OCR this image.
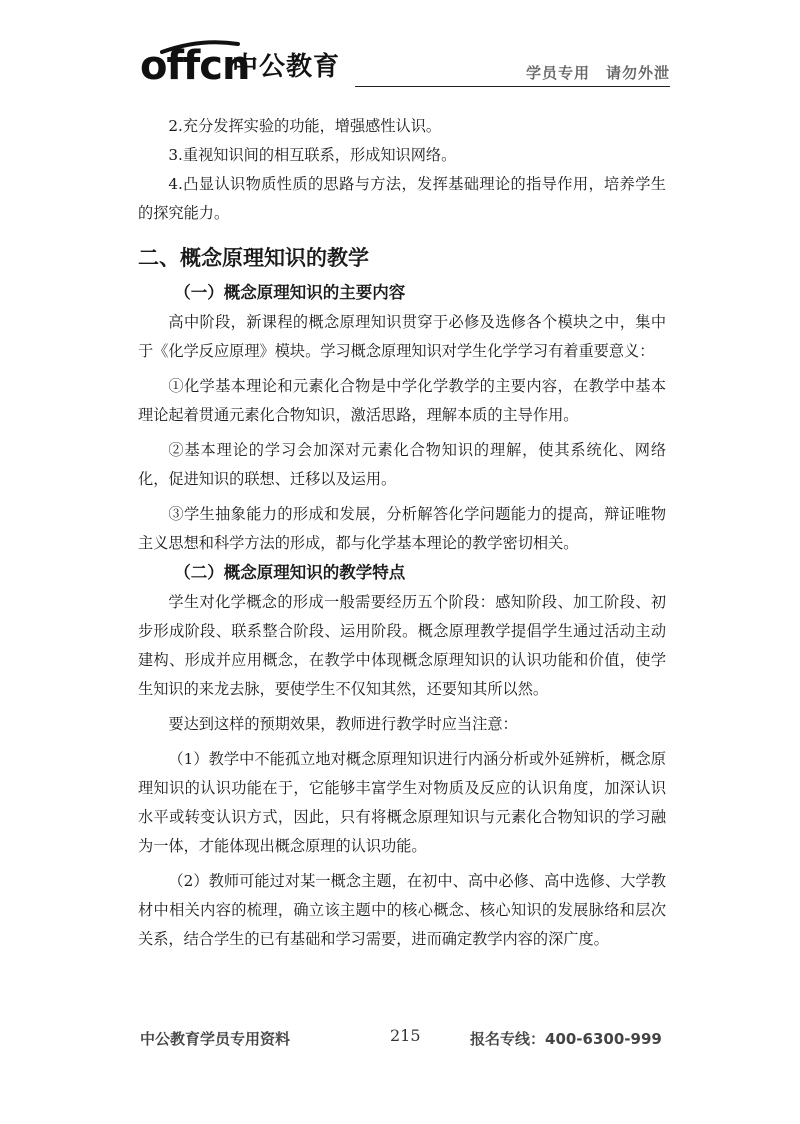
offcn
中公教育	学员专用　请勿外泄

2.充分发挥实验的功能，增强感性认识。

3.重视知识间的相互联系，形成知识网络。

4.凸显认识物质性质的思路与方法，发挥基础理论的指导作用，培养学生的探究能力。

二、概念原理知识的教学
（一）概念原理知识的主要内容

高中阶段，新课程的概念原理知识贯穿于必修及选修各个模块之中，集中于《化学反应原理》模块。学习概念原理知识对学生化学学习有着重要意义：

①化学基本理论和元素化合物是中学化学教学的主要内容，在教学中基本理论起着贯通元素化合物知识，激活思路，理解本质的主导作用。

②基本理论的学习会加深对元素化合物知识的理解，使其系统化、网络化，促进知识的联想、迁移以及运用。

③学生抽象能力的形成和发展，分析解答化学问题能力的提高，辩证唯物主义思想和科学方法的形成，都与化学基本理论的教学密切相关。

（二）概念原理知识的教学特点

学生对化学概念的形成一般需要经历五个阶段：感知阶段、加工阶段、初步形成阶段、联系整合阶段、运用阶段。概念原理教学提倡学生通过活动主动建构、形成并应用概念，在教学中体现概念原理知识的认识功能和价值，使学生知识的来龙去脉，要使学生不仅知其然，还要知其所以然。

要达到这样的预期效果，教师进行教学时应当注意：

（1）教学中不能孤立地对概念原理知识进行内涵分析或外延辨析，概念原理知识的认识功能在于，它能够丰富学生对物质及反应的认识角度，加深认识水平或转变认识方式，因此，只有将概念原理知识与元素化合物知识的学习融为一体，才能体现出概念原理的认识功能。

（2）教师可能过对某一概念主题，在初中、高中必修、高中选修、大学教材中相关内容的梳理，确立该主题中的核心概念、核心知识的发展脉络和层次关系，结合学生的已有基础和学习需要，进而确定教学内容的深广度。

中公教育学员专用资料	215	报名专线：400-6300-999
